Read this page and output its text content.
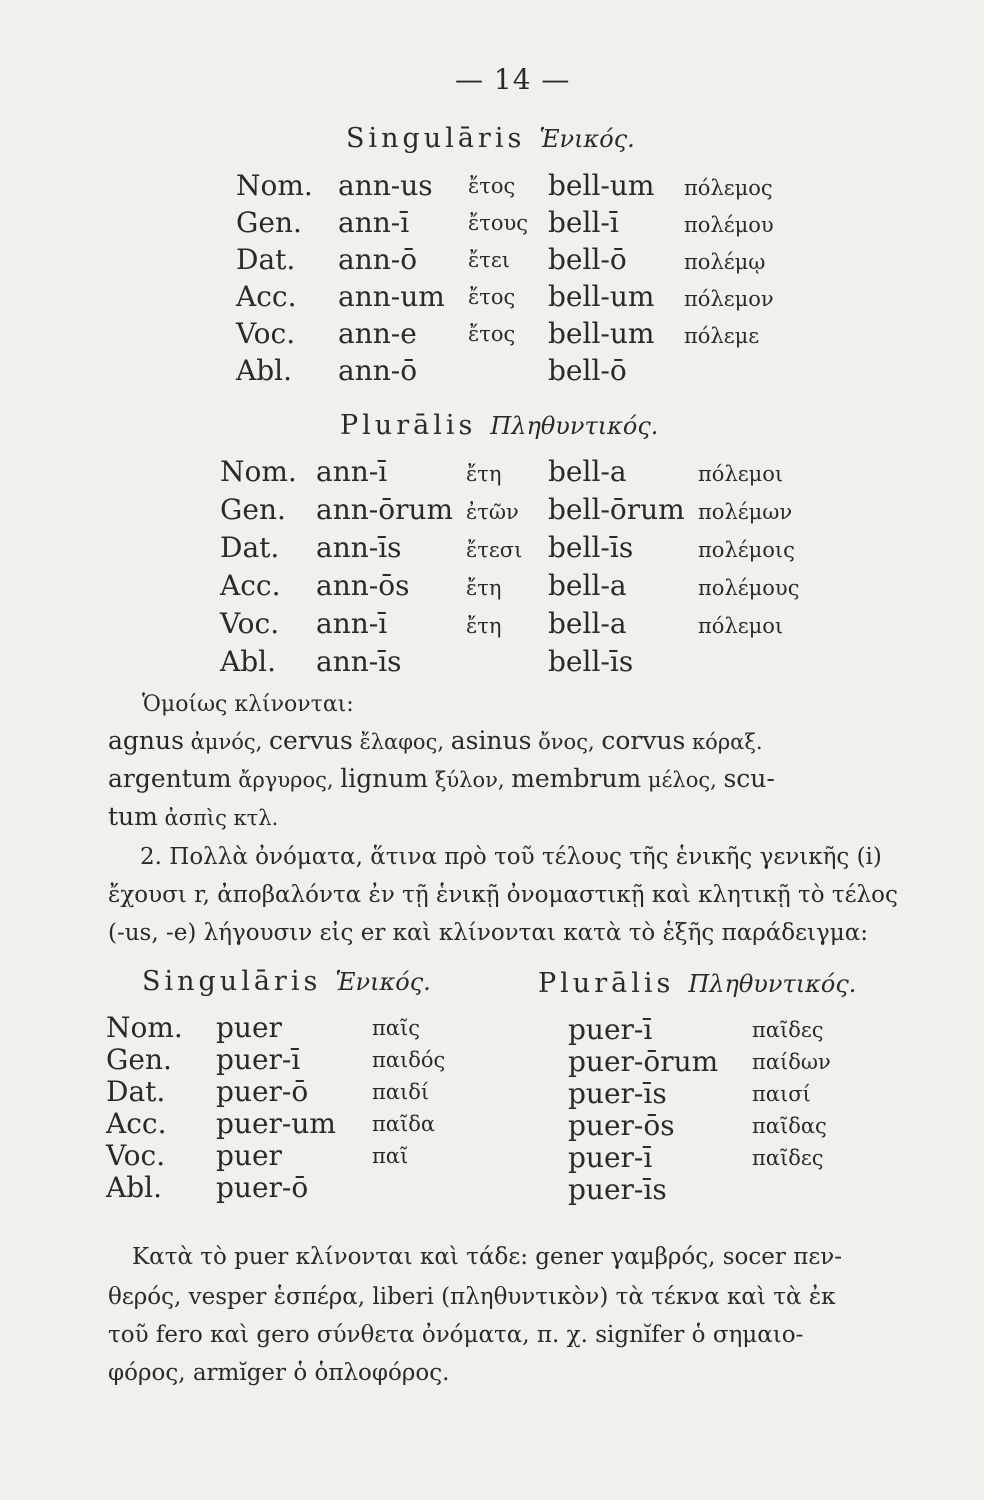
— 14 —
Singulāris Ἑνικός.
Nom. ann-us ἔτος bell-um πόλεμος
Gen. ann-ī	ἔτους bell-ī	πολέμου
Dat. ann-ō ἔτει bell-ō	πολέμῳ
Acc. ann-um ἔτος bell-um πόλεμον
Voc. ann-e ἔτος bell-um πόλεμε
Abl. ann-ō	bell-ō
Plurālis Πληθυντικός.
Nom. ann-ī	ἔτη bell-a	πόλεμοι
Gen. ann-ōrum ἐτῶν bell-ōrum πολέμων
Dat. ann-īs	ἔτεσι bell-īs	πολέμοις
Acc. ann-ōs	ἔτη bell-a	πολέμους
Voc. ann-ī	ἔτη bell-a	πόλεμοι
Abl. ann-īs	bell-īs
Ὁμοίως κλίνονται:
agnus ἀμνός, cervus ἔλαφος, asinus ὄνος, corvus κόραξ.
argentum ἄργυρος, lignum ξύλον, membrum μέλος, scu-
tum ἀσπὶς κτλ.
2. Πολλὰ ὀνόματα, ἅτινα πρὸ τοῦ τέλους τῆς ἑνικῆς γενικῆς (i)
ἔχουσι r, ἀποβαλόντα ἐν τῇ ἑνικῇ ὀνομαστικῇ καὶ κλητικῇ τὸ τέλος
(-us, -e) λήγουσιν εἰς er καὶ κλίνονται κατὰ τὸ ἑξῆς παράδειγμα:
Singulāris Ἑνικός.	Plurālis Πληθυντικός.
Nom. puer	παῖς	puer-ī	παῖδες
Gen. puer-ī	παιδός	puer-ōrum παίδων
Dat. puer-ō	παιδί	puer-īs	παισί
Acc. puer-um παῖδα	puer-ōs	παῖδας
Voc. puer	παῖ	puer-ī	παῖδες
Abl. puer-ō	puer-īs
Κατὰ τὸ puer κλίνονται καὶ τάδε: gener γαμβρός, socer πεν-
θερός, vesper ἑσπέρα, liberi (πληθυντικὸν) τὰ τέκνα καὶ τὰ ἐκ
τοῦ fero καὶ gero σύνθετα ὀνόματα, π. χ. signĭfer ὁ σημαιο-
φόρος, armĭger ὁ ὁπλοφόρος.
